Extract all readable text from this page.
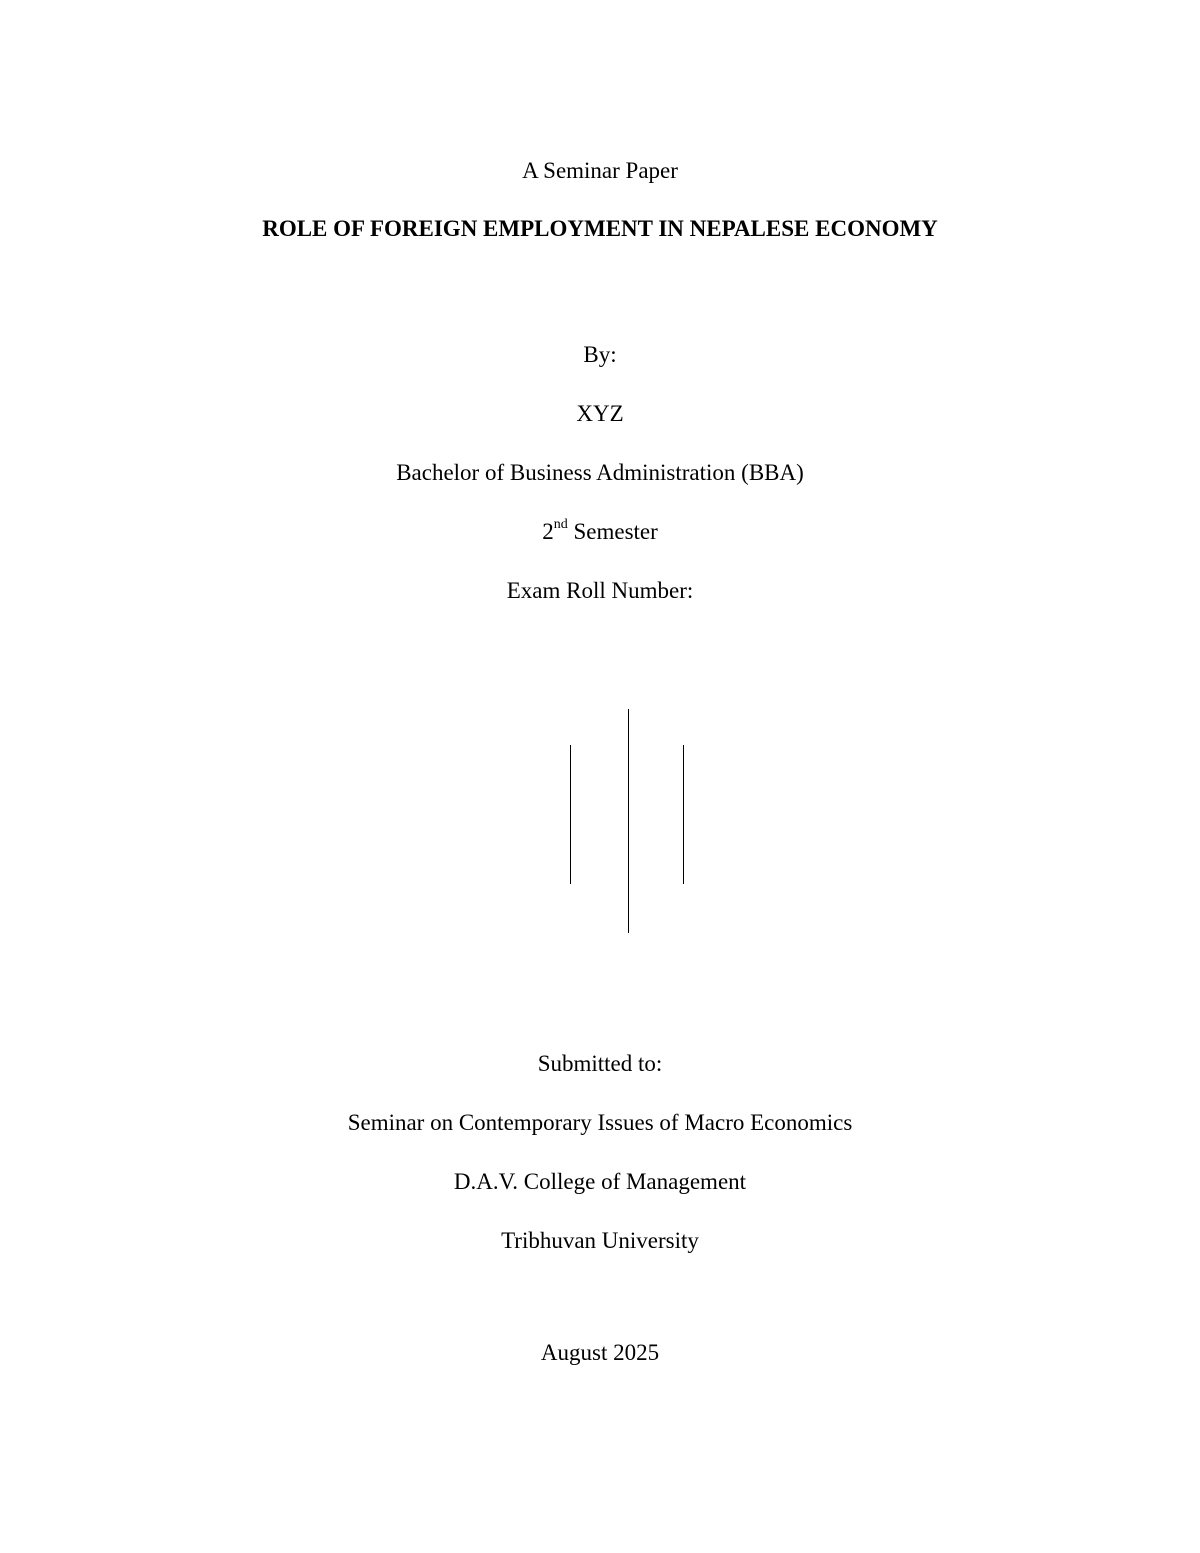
A Seminar Paper
ROLE OF FOREIGN EMPLOYMENT IN NEPALESE ECONOMY
By:
XYZ
Bachelor of Business Administration (BBA)
2nd Semester
Exam Roll Number:
Submitted to:
Seminar on Contemporary Issues of Macro Economics
D.A.V. College of Management
Tribhuvan University
August 2025
